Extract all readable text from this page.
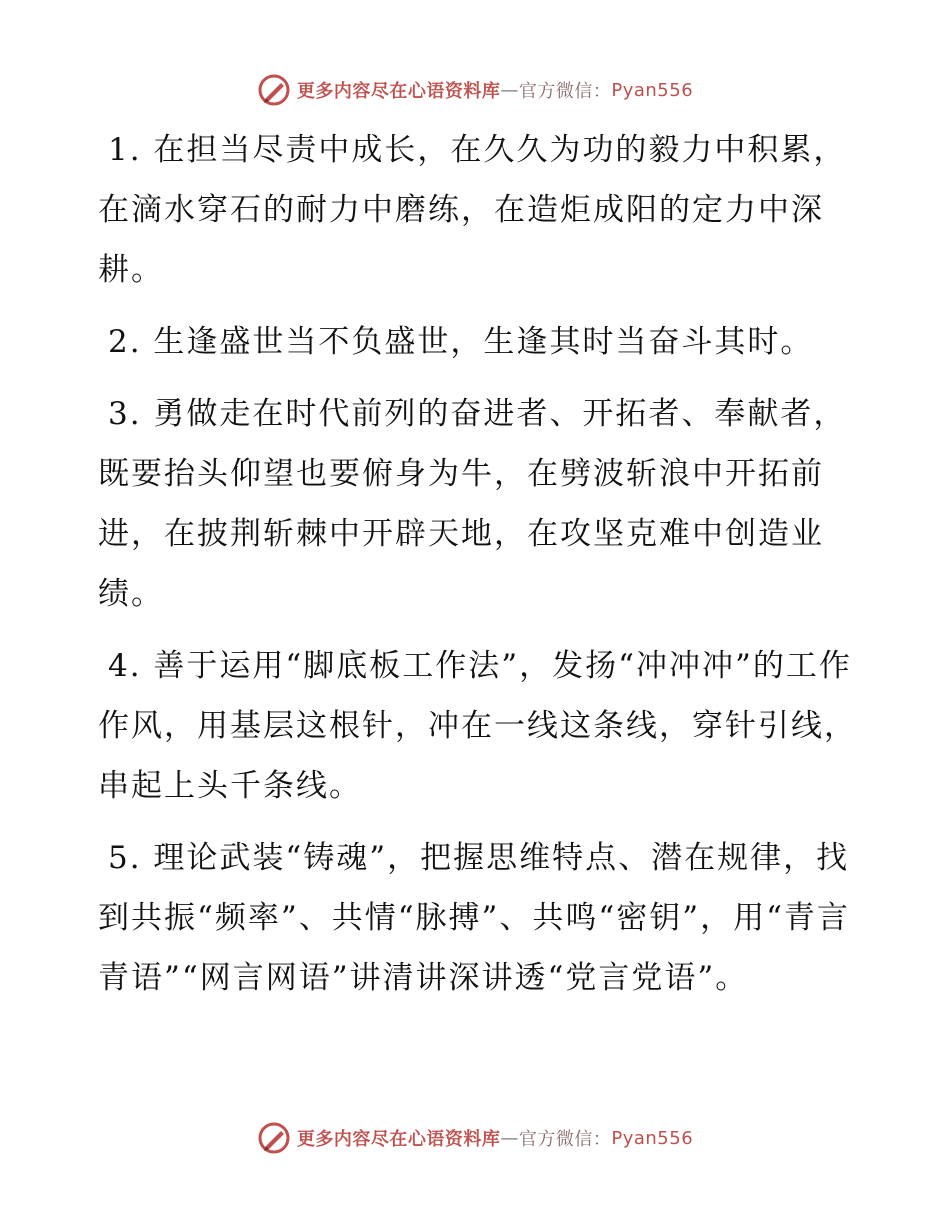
更多内容尽在心语资料库 — 官方微信： Pyan556

1. 在担当尽责中成长，在久久为功的毅力中积累，在滴水穿石的耐力中磨练，在造炬成阳的定力中深耕。

2. 生逢盛世当不负盛世，生逢其时当奋斗其时。

3. 勇做走在时代前列的奋进者、开拓者、奉献者，既要抬头仰望也要俯身为牛，在劈波斩浪中开拓前进，在披荆斩棘中开辟天地，在攻坚克难中创造业绩。

4. 善于运用“脚底板工作法”，发扬“冲冲冲”的工作作风，用基层这根针，冲在一线这条线，穿针引线，串起上头千条线。

5. 理论武装“铸魂”，把握思维特点、潜在规律，找到共振“频率”、共情“脉搏”、共鸣“密钥”，用“青言青语”“网言网语”讲清讲深讲透“党言党语”。

更多内容尽在心语资料库 — 官方微信： Pyan556
